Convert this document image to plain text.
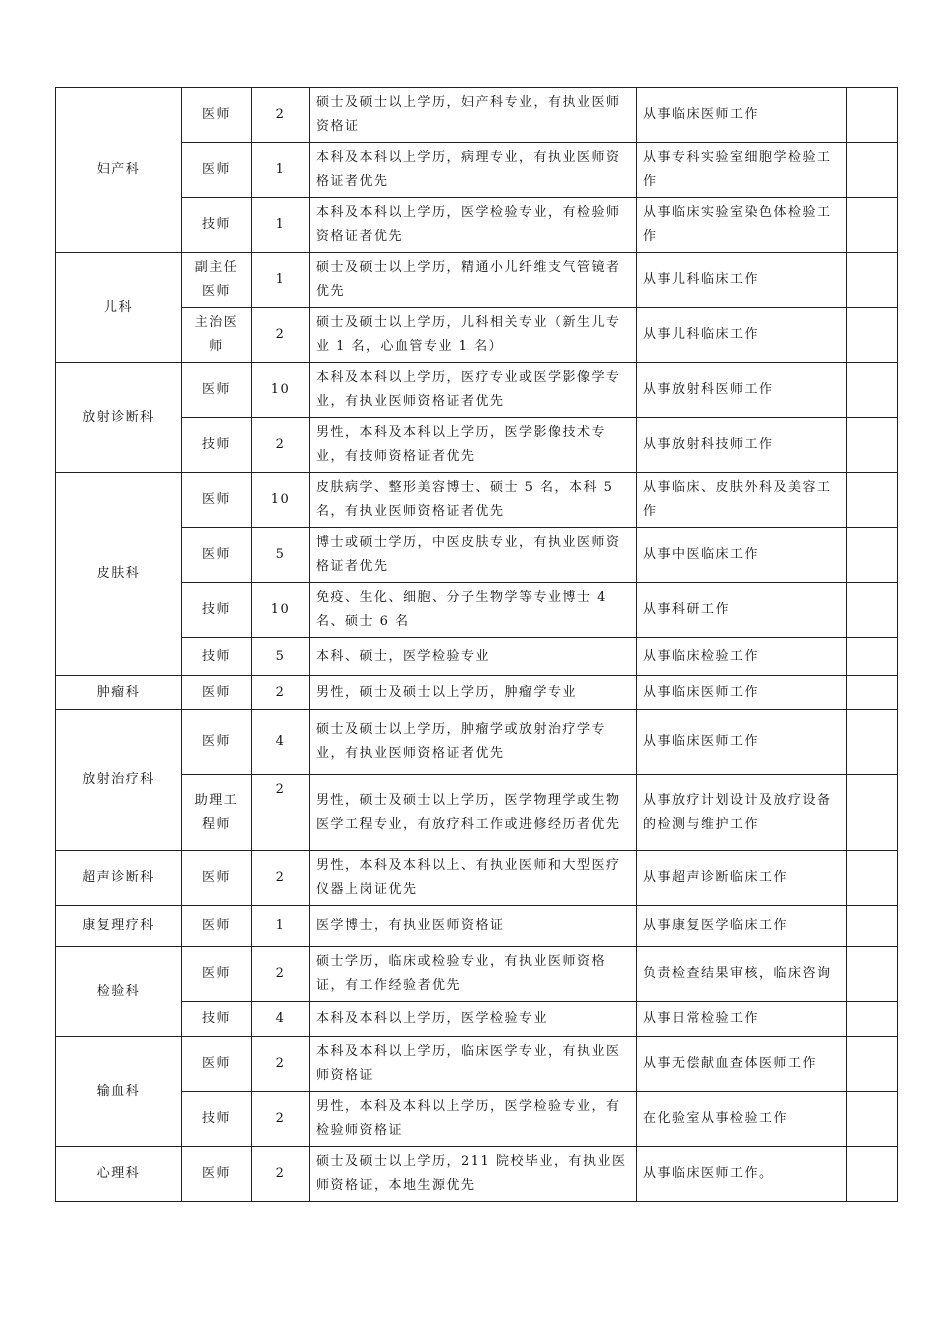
妇产科	医师	2	硕士及硕士以上学历，妇产科专业，有执业医师资格证	从事临床医师工作	
	医师	1	本科及本科以上学历，病理专业，有执业医师资格证者优先	从事专科实验室细胞学检验工作	
	技师	1	本科及本科以上学历，医学检验专业，有检验师资格证者优先	从事临床实验室染色体检验工作	
儿科	副主任医师	1	硕士及硕士以上学历，精通小儿纤维支气管镜者优先	从事儿科临床工作	
	主治医师	2	硕士及硕士以上学历，儿科相关专业（新生儿专业 1 名，心血管专业 1 名）	从事儿科临床工作	
放射诊断科	医师	10	本科及本科以上学历，医疗专业或医学影像学专业，有执业医师资格证者优先	从事放射科医师工作	
	技师	2	男性，本科及本科以上学历，医学影像技术专业，有技师资格证者优先	从事放射科技师工作	
皮肤科	医师	10	皮肤病学、整形美容博士、硕士 5 名，本科 5 名，有执业医师资格证者优先	从事临床、皮肤外科及美容工作	
	医师	5	博士或硕士学历，中医皮肤专业，有执业医师资格证者优先	从事中医临床工作	
	技师	10	免疫、生化、细胞、分子生物学等专业博士 4 名、硕士 6 名	从事科研工作	
	技师	5	本科、硕士，医学检验专业	从事临床检验工作	
肿瘤科	医师	2	男性，硕士及硕士以上学历，肿瘤学专业	从事临床医师工作	
放射治疗科	医师	4	硕士及硕士以上学历，肿瘤学或放射治疗学专业，有执业医师资格证者优先	从事临床医师工作	
	助理工程师	2	男性，硕士及硕士以上学历，医学物理学或生物医学工程专业，有放疗科工作或进修经历者优先	从事放疗计划设计及放疗设备的检测与维护工作	
超声诊断科	医师	2	男性，本科及本科以上、有执业医师和大型医疗仪器上岗证优先	从事超声诊断临床工作	
康复理疗科	医师	1	医学博士，有执业医师资格证	从事康复医学临床工作	
检验科	医师	2	硕士学历，临床或检验专业，有执业医师资格证，有工作经验者优先	负责检查结果审核，临床咨询	
	技师	4	本科及本科以上学历，医学检验专业	从事日常检验工作	
输血科	医师	2	本科及本科以上学历，临床医学专业，有执业医师资格证	从事无偿献血查体医师工作	
	技师	2	男性，本科及本科以上学历，医学检验专业，有检验师资格证	在化验室从事检验工作	
心理科	医师	2	硕士及硕士以上学历，211 院校毕业，有执业医师资格证，本地生源优先	从事临床医师工作。	
